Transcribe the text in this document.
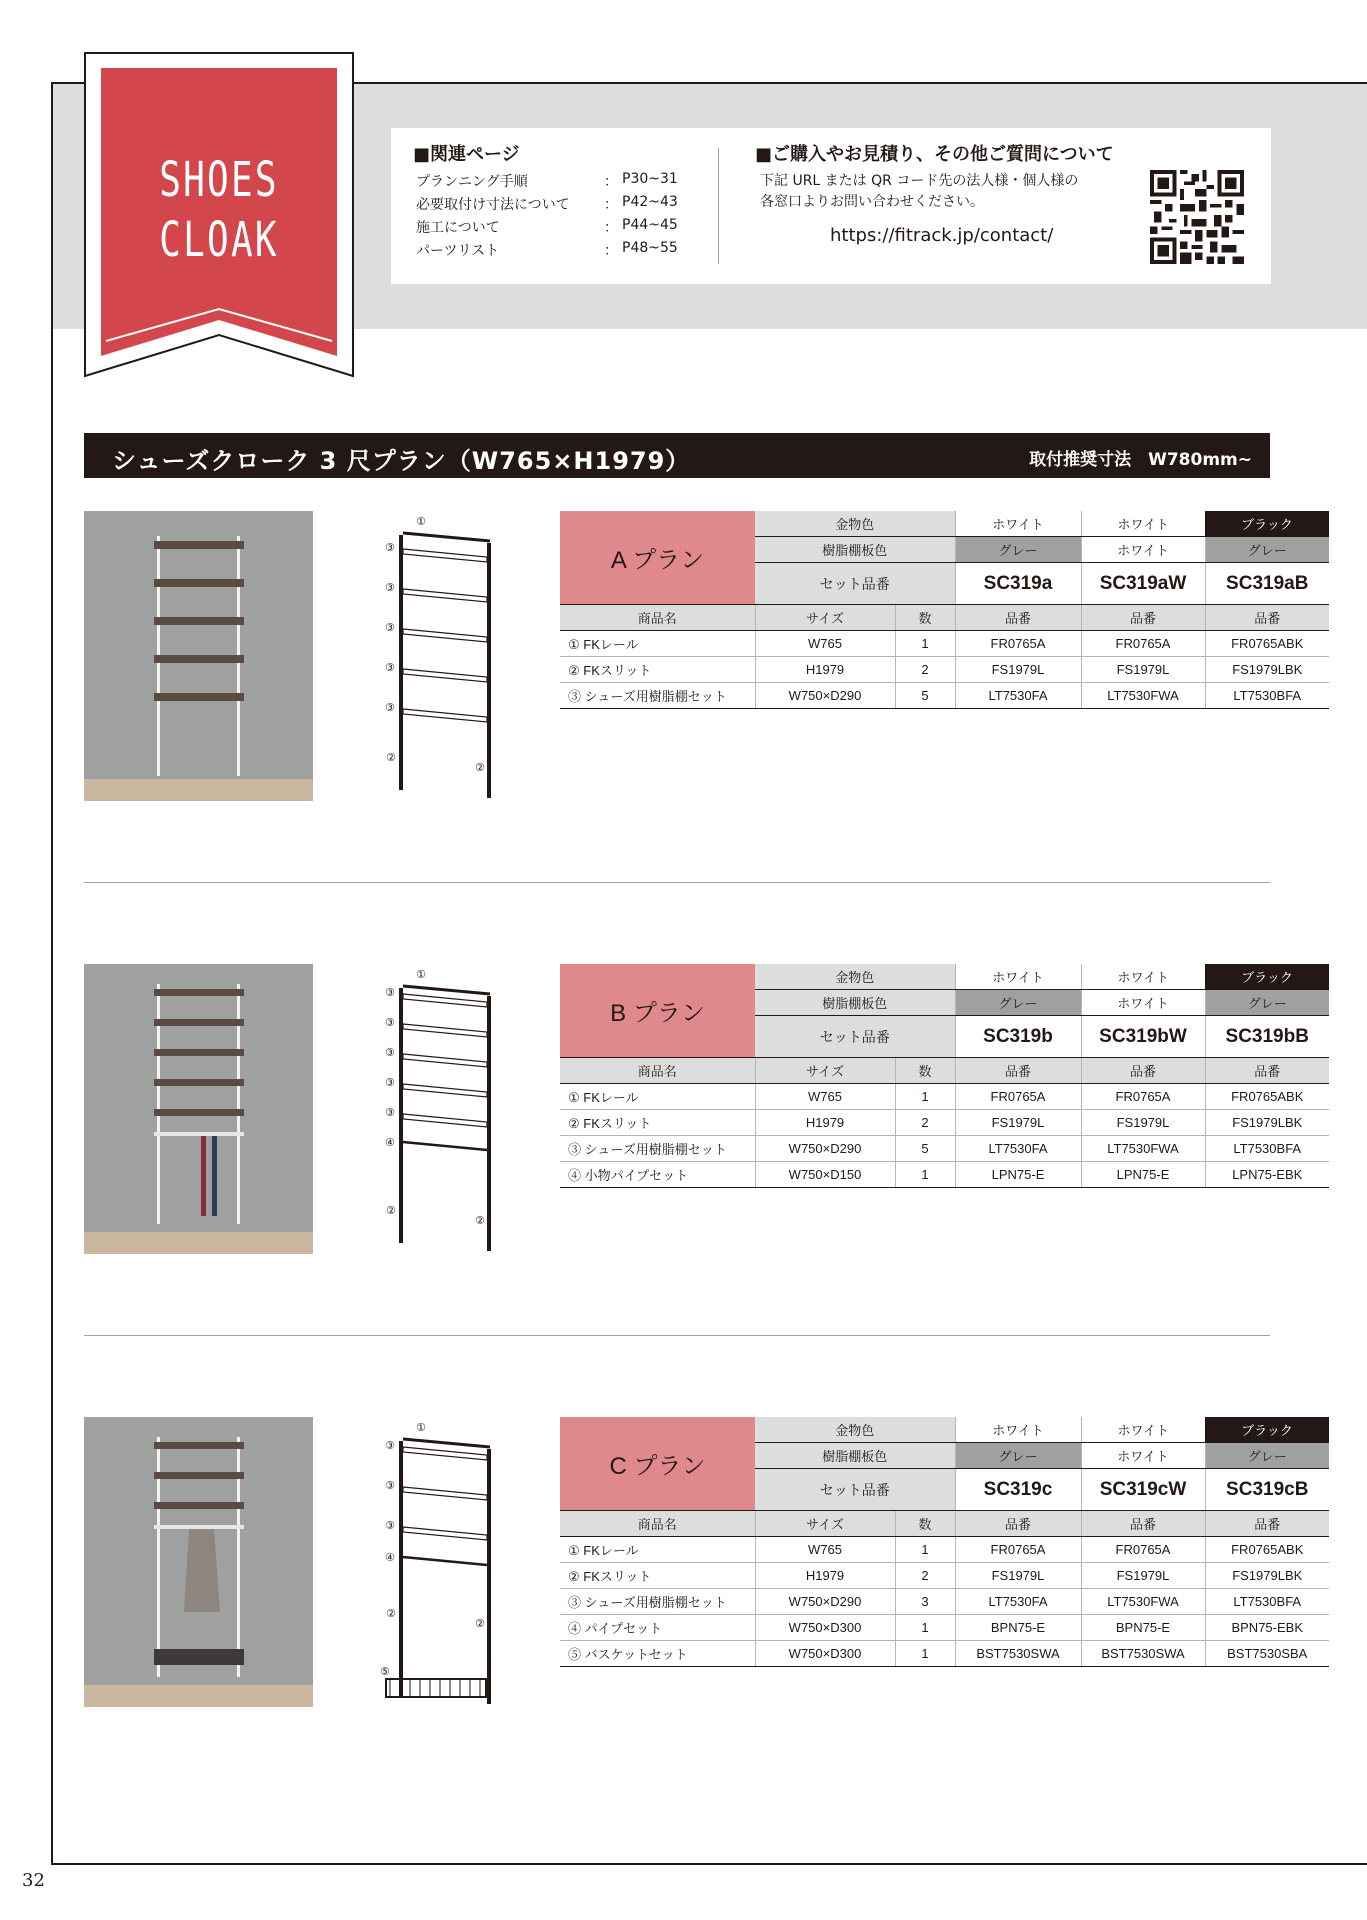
SHOES
CLOAK
■関連ページ
プランニング手順	： P30~31
必要取付け寸法について ： P42~43
施工について	： P44~45
パーツリスト	： P48~55
■ご購入やお見積り、その他ご質問について
下記 URL または QR コード先の法人様・個人様の
各窓口よりお問い合わせください。
https://fitrack.jp/contact/
シューズクローク 3 尺プラン（W765×H1979）	取付推奨寸法　W780mm~
①
③
③
③
③
③
②
②
①
③
③
③
③
③
④
②
②
①
③
③
③
④
⑤
②
②
A プラン	金物色		ホワイト	ホワイト	ブラック
	樹脂棚板色		グレー	ホワイト	グレー
	セット品番		SC319a	SC319aW	SC319aB
商品名	サイズ	数	品番	品番	品番
① FKレール	W765	1	FR0765A	FR0765A	FR0765ABK
② FKスリット	H1979	2	FS1979L	FS1979L	FS1979LBK
③ シューズ用樹脂棚セット	W750×D290	5	LT7530FA	LT7530FWA	LT7530BFA
B プラン	金物色		ホワイト	ホワイト	ブラック
	樹脂棚板色		グレー	ホワイト	グレー
	セット品番		SC319b	SC319bW	SC319bB
商品名	サイズ	数	品番	品番	品番
① FKレール	W765	1	FR0765A	FR0765A	FR0765ABK
② FKスリット	H1979	2	FS1979L	FS1979L	FS1979LBK
③ シューズ用樹脂棚セット	W750×D290	5	LT7530FA	LT7530FWA	LT7530BFA
④ 小物パイプセット	W750×D150	1	LPN75-E	LPN75-E	LPN75-EBK
C プラン	金物色		ホワイト	ホワイト	ブラック
	樹脂棚板色		グレー	ホワイト	グレー
	セット品番		SC319c	SC319cW	SC319cB
商品名	サイズ	数	品番	品番	品番
① FKレール	W765	1	FR0765A	FR0765A	FR0765ABK
② FKスリット	H1979	2	FS1979L	FS1979L	FS1979LBK
③ シューズ用樹脂棚セット	W750×D290	3	LT7530FA	LT7530FWA	LT7530BFA
④ パイプセット	W750×D300	1	BPN75-E	BPN75-E	BPN75-EBK
⑤ バスケットセット	W750×D300	1	BST7530SWA	BST7530SWA	BST7530SBA
32
